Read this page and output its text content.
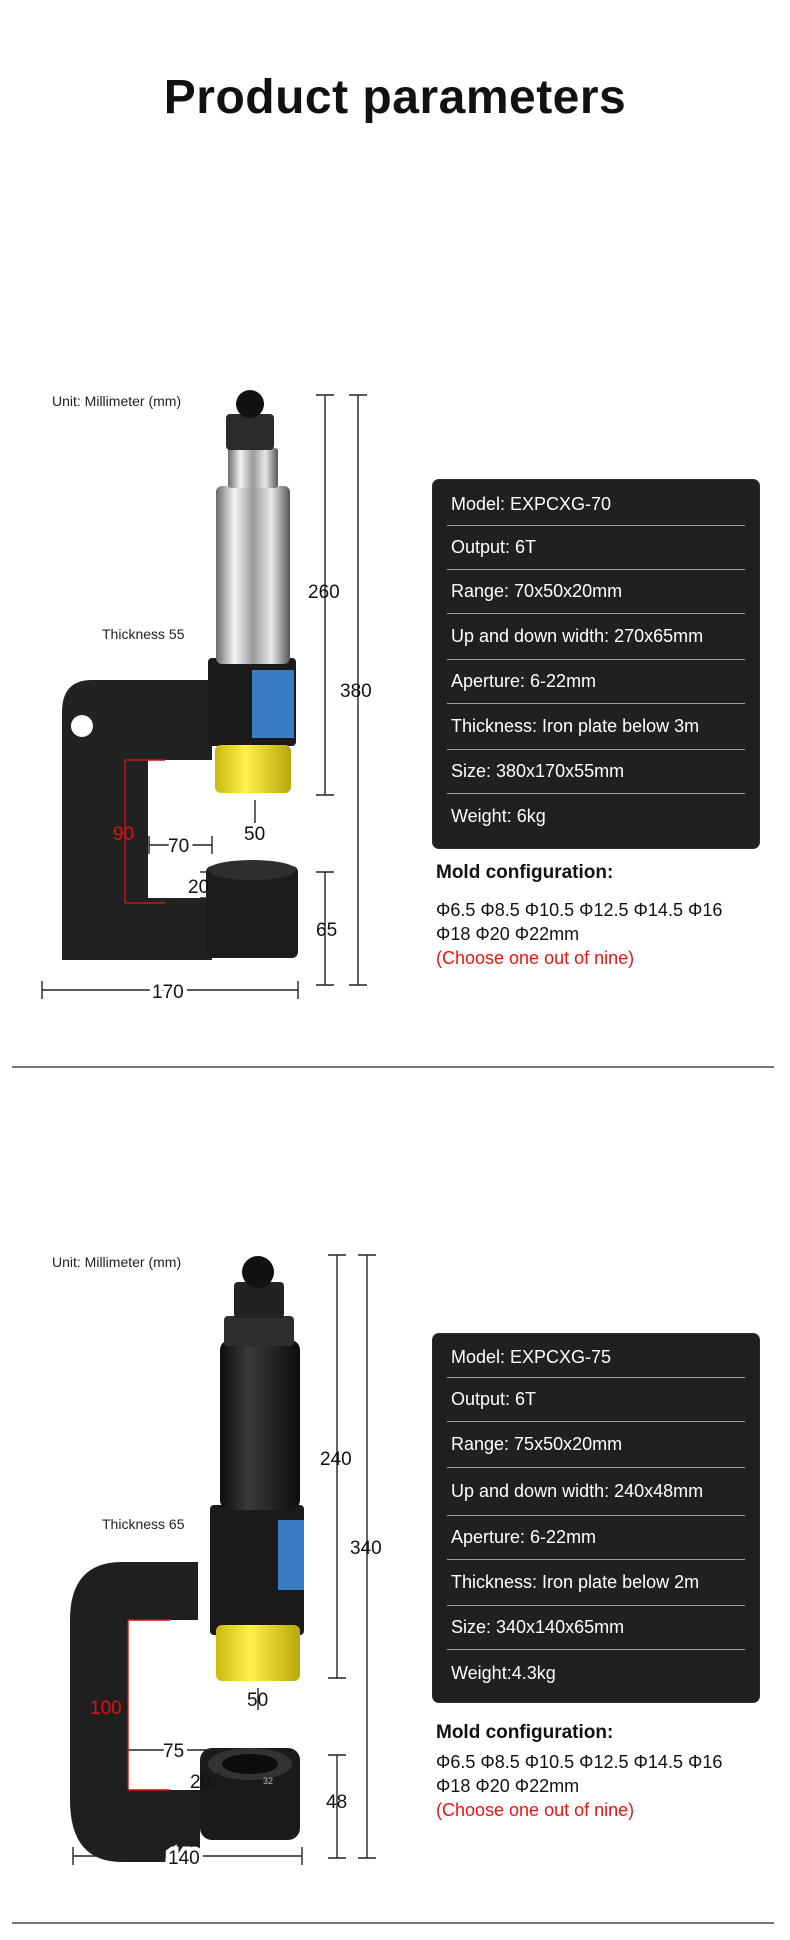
Product parameters
Unit: Millimeter (mm)
Thickness 55
260
380
65
170
90
70
50
20
Model: EXPCXG-70
Output: 6T
Range: 70x50x20mm
Up and down width: 270x65mm
Aperture: 6-22mm
Thickness: Iron plate below 3m
Size: 380x170x55mm
Weight: 6kg
Mold configuration:
Φ6.5 Φ8.5 Φ10.5 Φ12.5 Φ14.5 Φ16
Φ18 Φ20 Φ22mm
(Choose one out of nine)
Unit: Millimeter (mm)
Thickness 65
32
240
340
48
140
100
75
50
20
Model: EXPCXG-75
Output: 6T
Range: 75x50x20mm
Up and down width: 240x48mm
Aperture: 6-22mm
Thickness: Iron plate below 2m
Size: 340x140x65mm
Weight:4.3kg
Mold configuration:
Φ6.5 Φ8.5 Φ10.5 Φ12.5 Φ14.5 Φ16
Φ18 Φ20 Φ22mm
(Choose one out of nine)
